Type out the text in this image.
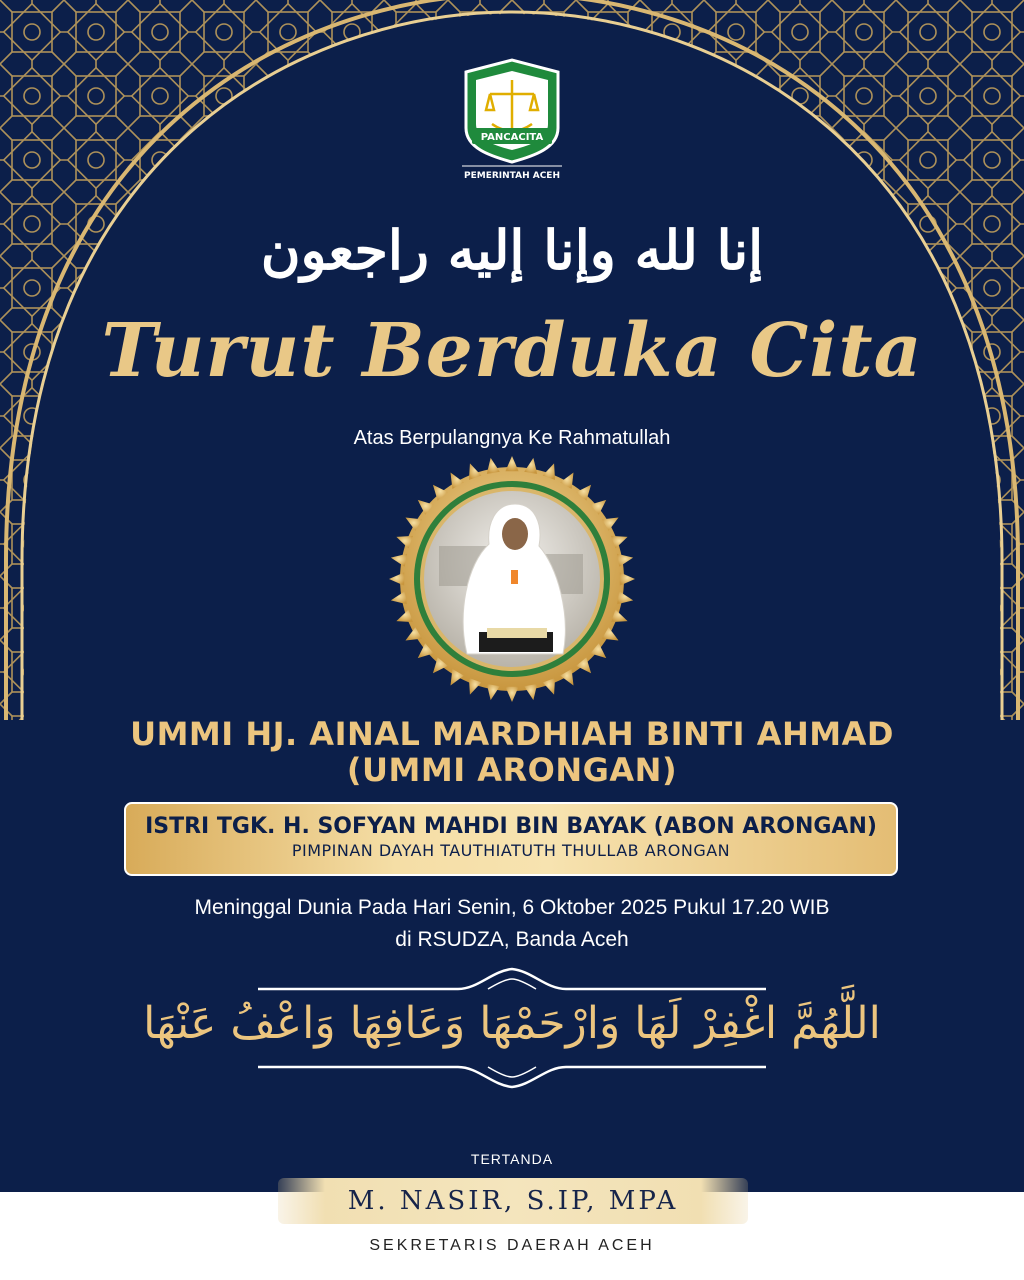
PANCACITA
PEMERINTAH ACEH
إنا لله وإنا إليه راجعون
Turut Berduka Cita
Atas Berpulangnya Ke Rahmatullah
UMMI HJ. AINAL MARDHIAH BINTI AHMAD
(UMMI ARONGAN)
ISTRI TGK. H. SOFYAN MAHDI BIN BAYAK (ABON ARONGAN)
PIMPINAN DAYAH TAUTHIATUTH THULLAB ARONGAN
Meninggal Dunia Pada Hari Senin, 6 Oktober 2025 Pukul 17.20 WIB
di RSUDZA, Banda Aceh
اللَّهُمَّ اغْفِرْ لَهَا وَارْحَمْهَا وَعَافِهَا وَاعْفُ عَنْهَا
TERTANDA
M. NASIR, S.IP, MPA
SEKRETARIS DAERAH ACEH
